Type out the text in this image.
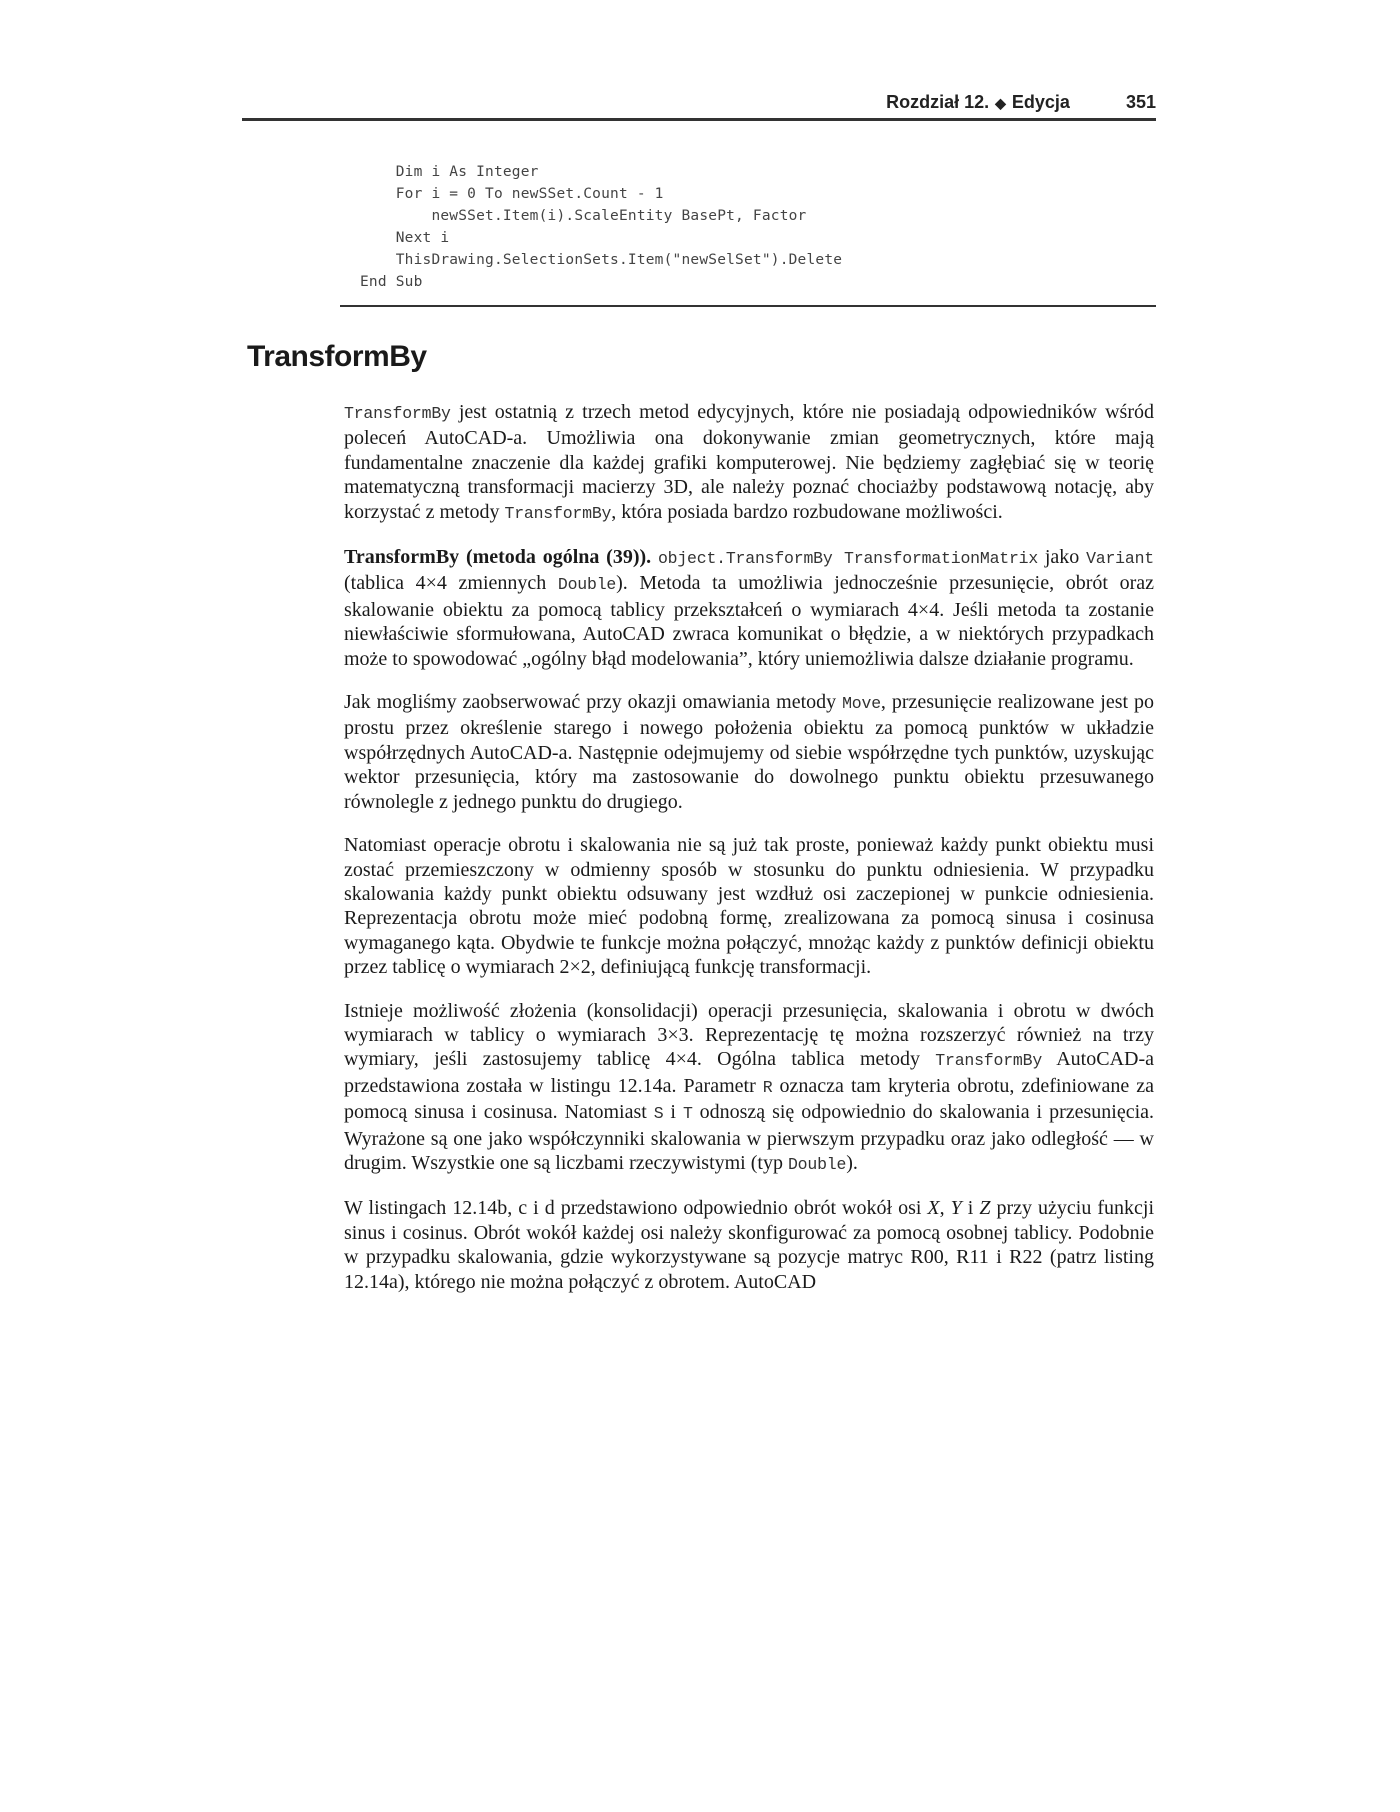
Rozdział 12. ◆ Edycja	351
Dim i As Integer
For i = 0 To newSSet.Count - 1
newSSet.Item(i).ScaleEntity BasePt, Factor
Next i
ThisDrawing.SelectionSets.Item("newSelSet").Delete
End Sub
TransformBy

TransformBy jest ostatnią z trzech metod edycyjnych, które nie posiadają odpowiedników wśród poleceń AutoCAD-a. Umożliwia ona dokonywanie zmian geometrycznych, które mają fundamentalne znaczenie dla każdej grafiki komputerowej. Nie będziemy zagłębiać się w teorię matematyczną transformacji macierzy 3D, ale należy poznać chociażby podstawową notację, aby korzystać z metody TransformBy, która posiada bardzo rozbudowane możliwości.

TransformBy (metoda ogólna (39)). object.TransformBy TransformationMatrix jako Variant (tablica 4×4 zmiennych Double). Metoda ta umożliwia jednocześnie przesunięcie, obrót oraz skalowanie obiektu za pomocą tablicy przekształceń o wymiarach 4×4. Jeśli metoda ta zostanie niewłaściwie sformułowana, AutoCAD zwraca komunikat o błędzie, a w niektórych przypadkach może to spowodować „ogólny błąd modelowania”, który uniemożliwia dalsze działanie programu.

Jak mogliśmy zaobserwować przy okazji omawiania metody Move, przesunięcie realizowane jest po prostu przez określenie starego i nowego położenia obiektu za pomocą punktów w układzie współrzędnych AutoCAD-a. Następnie odejmujemy od siebie współrzędne tych punktów, uzyskując wektor przesunięcia, który ma zastosowanie do dowolnego punktu obiektu przesuwanego równolegle z jednego punktu do drugiego.

Natomiast operacje obrotu i skalowania nie są już tak proste, ponieważ każdy punkt obiektu musi zostać przemieszczony w odmienny sposób w stosunku do punktu odniesienia. W przypadku skalowania każdy punkt obiektu odsuwany jest wzdłuż osi zaczepionej w punkcie odniesienia. Reprezentacja obrotu może mieć podobną formę, zrealizowana za pomocą sinusa i cosinusa wymaganego kąta. Obydwie te funkcje można połączyć, mnożąc każdy z punktów definicji obiektu przez tablicę o wymiarach 2×2, definiującą funkcję transformacji.

Istnieje możliwość złożenia (konsolidacji) operacji przesunięcia, skalowania i obrotu w dwóch wymiarach w tablicy o wymiarach 3×3. Reprezentację tę można rozszerzyć również na trzy wymiary, jeśli zastosujemy tablicę 4×4. Ogólna tablica metody TransformBy AutoCAD-a przedstawiona została w listingu 12.14a. Parametr R oznacza tam kryteria obrotu, zdefiniowane za pomocą sinusa i cosinusa. Natomiast S i T odnoszą się odpowiednio do skalowania i przesunięcia. Wyrażone są one jako współczynniki skalowania w pierwszym przypadku oraz jako odległość — w drugim. Wszystkie one są liczbami rzeczywistymi (typ Double).

W listingach 12.14b, c i d przedstawiono odpowiednio obrót wokół osi X, Y i Z przy użyciu funkcji sinus i cosinus. Obrót wokół każdej osi należy skonfigurować za pomocą osobnej tablicy. Podobnie w przypadku skalowania, gdzie wykorzystywane są pozycje matryc R00, R11 i R22 (patrz listing 12.14a), którego nie można połączyć z obrotem. AutoCAD
